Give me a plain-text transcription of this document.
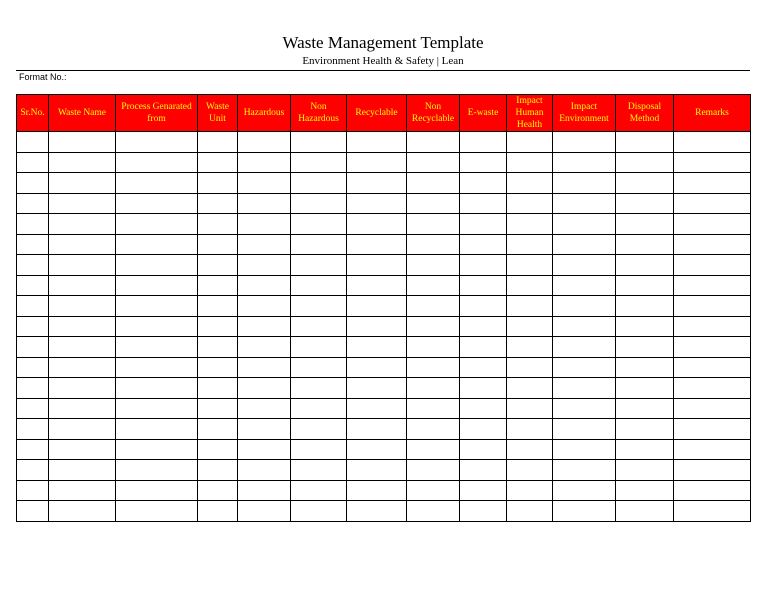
Waste Management Template
Environment Health & Safety | Lean
Format No.:
Sr.No.	Waste Name	Process Genarated from	Waste Unit	Hazardous	Non Hazardous	Recyclable	Non Recyclable	E-waste	Impact Human Health	Impact Environment	Disposal Method	Remarks
